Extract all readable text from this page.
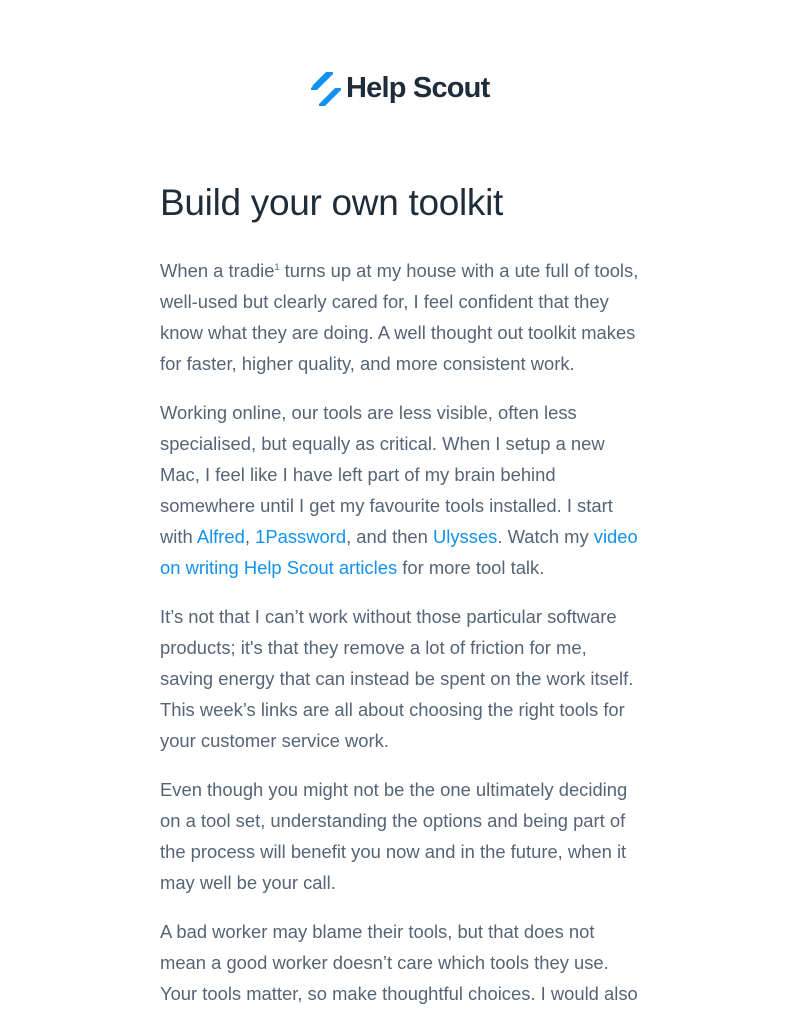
Help Scout
Build your own toolkit

When a tradie$^1$ turns up at my house with a ute full of tools, well-used but clearly cared for, I feel confident that they know what they are doing. A well thought out toolkit makes for faster, higher quality, and more consistent work.

Working online, our tools are less visible, often less specialised, but equally as critical. When I setup a new Mac, I feel like I have left part of my brain behind somewhere until I get my favourite tools installed. I start with Alfred, 1Password, and then Ulysses. Watch my video on writing Help Scout articles for more tool talk.

It’s not that I can’t work without those particular software products; it's that they remove a lot of friction for me, saving energy that can instead be spent on the work itself. This week’s links are all about choosing the right tools for your customer service work.

Even though you might not be the one ultimately deciding on a tool set, understanding the options and being part of the process will benefit you now and in the future, when it may well be your call.

A bad worker may blame their tools, but that does not mean a good worker doesn’t care which tools they use. Your tools matter, so make thoughtful choices. I would also
